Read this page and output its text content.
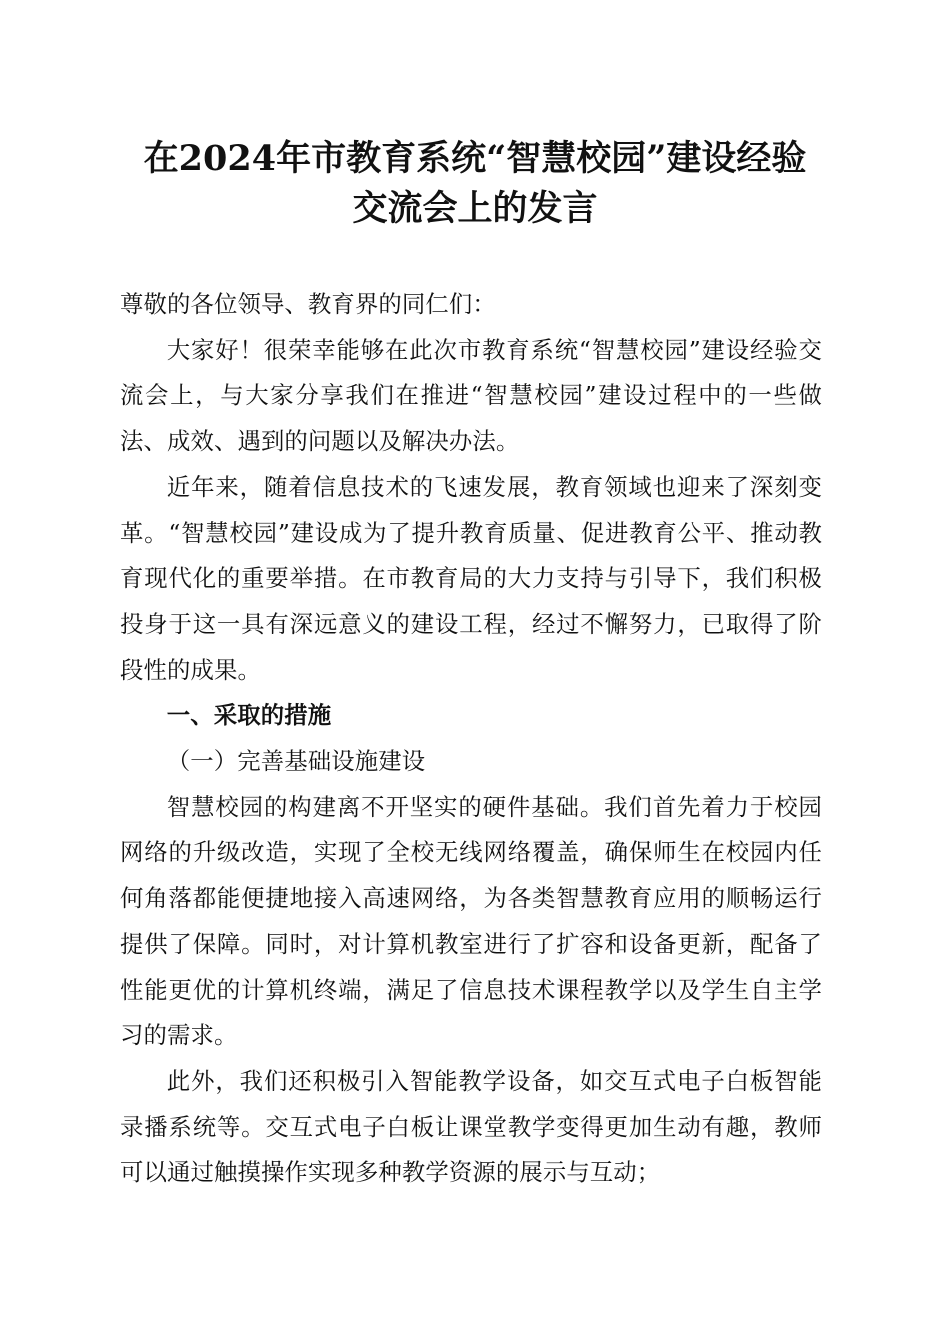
在2024年市教育系统“智慧校园”建设经验
交流会上的发言

尊敬的各位领导、教育界的同仁们：

大家好！很荣幸能够在此次市教育系统“智慧校园”建设经验交流会上，与大家分享我们在推进“智慧校园”建设过程中的一些做法、成效、遇到的问题以及解决办法。

近年来，随着信息技术的飞速发展，教育领域也迎来了深刻变革。“智慧校园”建设成为了提升教育质量、促进教育公平、推动教育现代化的重要举措。在市教育局的大力支持与引导下，我们积极投身于这一具有深远意义的建设工程，经过不懈努力，已取得了阶段性的成果。

一、采取的措施

（一）完善基础设施建设

智慧校园的构建离不开坚实的硬件基础。我们首先着力于校园网络的升级改造，实现了全校无线网络覆盖，确保师生在校园内任何角落都能便捷地接入高速网络，为各类智慧教育应用的顺畅运行提供了保障。同时，对计算机教室进行了扩容和设备更新，配备了性能更优的计算机终端，满足了信息技术课程教学以及学生自主学习的需求。

此外，我们还积极引入智能教学设备，如交互式电子白板智能录播系统等。交互式电子白板让课堂教学变得更加生动有趣，教师可以通过触摸操作实现多种教学资源的展示与互动；
